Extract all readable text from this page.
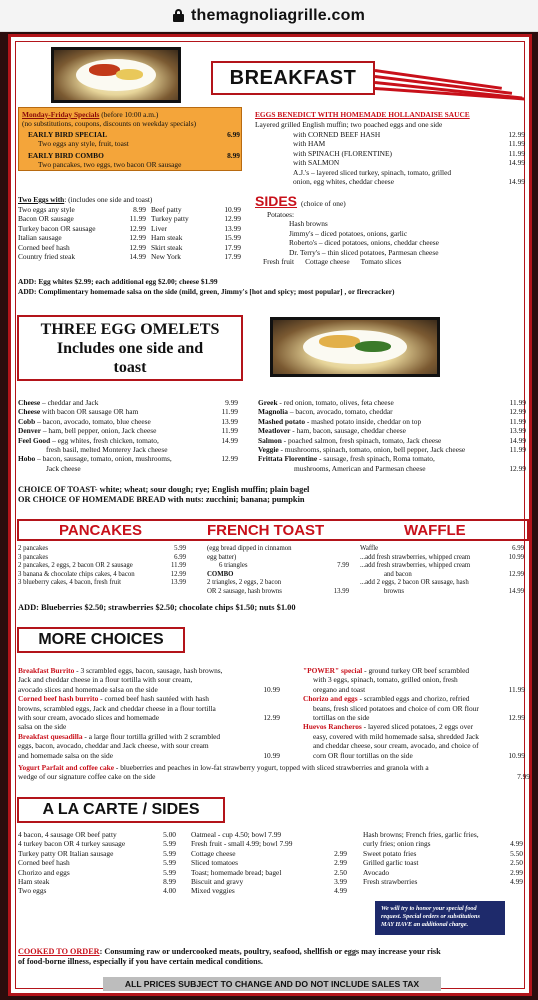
themagnoliagrille.com
BREAKFAST
Monday-Friday Specials (before 10:00 a.m.)
(no substitutions, coupons, discounts on weekday specials)
EARLY BIRD SPECIAL	6.99
Two eggs any style, fruit, toast
EARLY BIRD COMBO	8.99
Two pancakes, two eggs, two bacon OR sausage
Two Eggs with: (includes one side and toast)
Two eggs any style	8.99
Bacon OR sausage	11.99
Turkey bacon OR sausage	12.99
Italian sausage	12.99
Corned beef hash	12.99
Country fried steak	14.99
Beef patty	10.99
Turkey patty	12.99
Liver	13.99
Ham steak	15.99
Skirt steak	17.99
New York	17.99
EGGS BENEDICT WITH HOMEMADE HOLLANDAISE SAUCE
Layered grilled English muffin; two poached eggs and one side
with CORNED BEEF HASH	12.99
with HAM	11.99
with SPINACH (FLORENTINE)	11.99
with SALMON	14.99
A.J.'s – layered sliced turkey, spinach, tomato, grilled
onion, egg whites, cheddar cheese	14.99
SIDES (choice of one)
Potatoes:
Hash browns
Jimmy's – diced potatoes, onions, garlic
Roberto's – diced potatoes, onions, cheddar cheese
Dr. Terry's – thin sliced potatoes, Parmesan cheese
Fresh fruit Cottage cheese Tomato slices
ADD: Egg whites $2.99; each additional egg $2.00; cheese $1.99
ADD: Complimentary homemade salsa on the side (mild, green, Jimmy's [hot and spicy; most popular] , or firecracker)
THREE EGG OMELETS
Includes one side and
toast
Cheese – cheddar and Jack	9.99
Cheese with bacon OR sausage OR ham	11.99
Cobb – bacon, avocado, tomato, blue cheese	13.99
Denver – ham, bell pepper, onion, Jack cheese	11.99
Feel Good – egg whites, fresh chicken, tomato,	14.99
fresh basil, melted Monterey Jack cheese
Hobo – bacon, sausage, tomato, onion, mushrooms,	12.99
Jack cheese
Greek - red onion, tomato, olives, feta cheese	11.99
Magnolia – bacon, avocado, tomato, cheddar	12.99
Mashed potato - mashed potato inside, cheddar on top	11.99
Meatlover - ham, bacon, sausage, cheddar cheese	13.99
Salmon - poached salmon, fresh spinach, tomato, Jack cheese	14.99
Veggie - mushrooms, spinach, tomato, onion, bell pepper, Jack cheese	11.99
Frittata Florentine - sausage, fresh spinach, Roma tomato,
mushrooms, American and Parmesan cheese	12.99
CHOICE OF TOAST- white; wheat; sour dough; rye; English muffin; plain bagel
OR CHOICE OF HOMEMADE BREAD with nuts: zucchini; banana; pumpkin
PANCAKES	FRENCH TOAST	WAFFLE
2 pancakes	5.99
3 pancakes	6.99
2 pancakes, 2 eggs, 2 bacon OR 2 sausage	11.99
3 banana & chocolate chips cakes, 4 bacon	12.99
3 blueberry cakes, 4 bacon, fresh fruit	13.99
(egg bread dipped in cinnamon
egg batter)
6 triangles	7.99
COMBO
2 triangles, 2 eggs, 2 bacon
OR 2 sausage, hash browns	13.99
Waffle	6.99
...add fresh strawberries, whipped cream	10.99
...add fresh strawberries, whipped cream
and bacon	12.99
...add 2 eggs, 2 bacon OR sausage, hash
browns	14.99
ADD: Blueberries $2.50; strawberries $2.50; chocolate chips $1.50; nuts $1.00
MORE CHOICES
Breakfast Burrito - 3 scrambled eggs, bacon, sausage, hash browns,
Jack and cheddar cheese in a flour tortilla with sour cream,
avocado slices and homemade salsa on the side	10.99
Corned beef hash burrito - corned beef hash sautéed with hash
browns, scrambled eggs, Jack and cheddar cheese in a flour tortilla
with sour cream, avocado slices and homemade	12.99
salsa on the side
Breakfast quesadilla - a large flour tortilla grilled with 2 scrambled
eggs, bacon, avocado, cheddar and Jack cheese, with sour cream
and homemade salsa on the side	10.99
"POWER" special - ground turkey OR beef scrambled
with 3 eggs, spinach, tomato, grilled onion, fresh
oregano and toast	11.99
Chorizo and eggs - scrambled eggs and chorizo, refried
beans, fresh sliced potatoes and choice of corn OR flour
tortillas on the side	12.99
Huevos Rancheros - layered sliced potatoes, 2 eggs over
easy, covered with mild homemade salsa, shredded Jack
and cheddar cheese, sour cream, avocado, and choice of
corn OR flour tortillas on the side	10.99
Yogurt Parfait and coffee cake - blueberries and peaches in low-fat strawberry yogurt, topped with sliced strawberries and granola with a
wedge of our signature coffee cake on the side	7.99
A LA CARTE / SIDES
4 bacon, 4 sausage OR beef patty	5.00
4 turkey bacon OR 4 turkey sausage	5.99
Turkey patty OR Italian sausage	5.99
Corned beef hash	5.99
Chorizo and eggs	5.99
Ham steak	8.99
Two eggs	4.00
Oatmeal - cup 4.50; bowl 7.99
Fresh fruit - small 4.99; bowl 7.99
Cottage cheese	2.99
Sliced tomatoes	2.99
Toast; homemade bread; bagel	2.50
Biscuit and gravy	3.99
Mixed veggies	4.99
Hash browns; French fries, garlic fries,
curly fries; onion rings	4.99
Sweet potato fries	5.50
Grilled garlic toast	2.50
Avocado	2.99
Fresh strawberries	4.99
We will try to honor your special food
request. Special orders or substitutions
MAY HAVE an additional charge.
COOKED TO ORDER: Consuming raw or undercooked meats, poultry, seafood, shellfish or eggs may increase your risk
of food-borne illness, especially if you have certain medical conditions.
ALL PRICES SUBJECT TO CHANGE AND DO NOT INCLUDE SALES TAX
